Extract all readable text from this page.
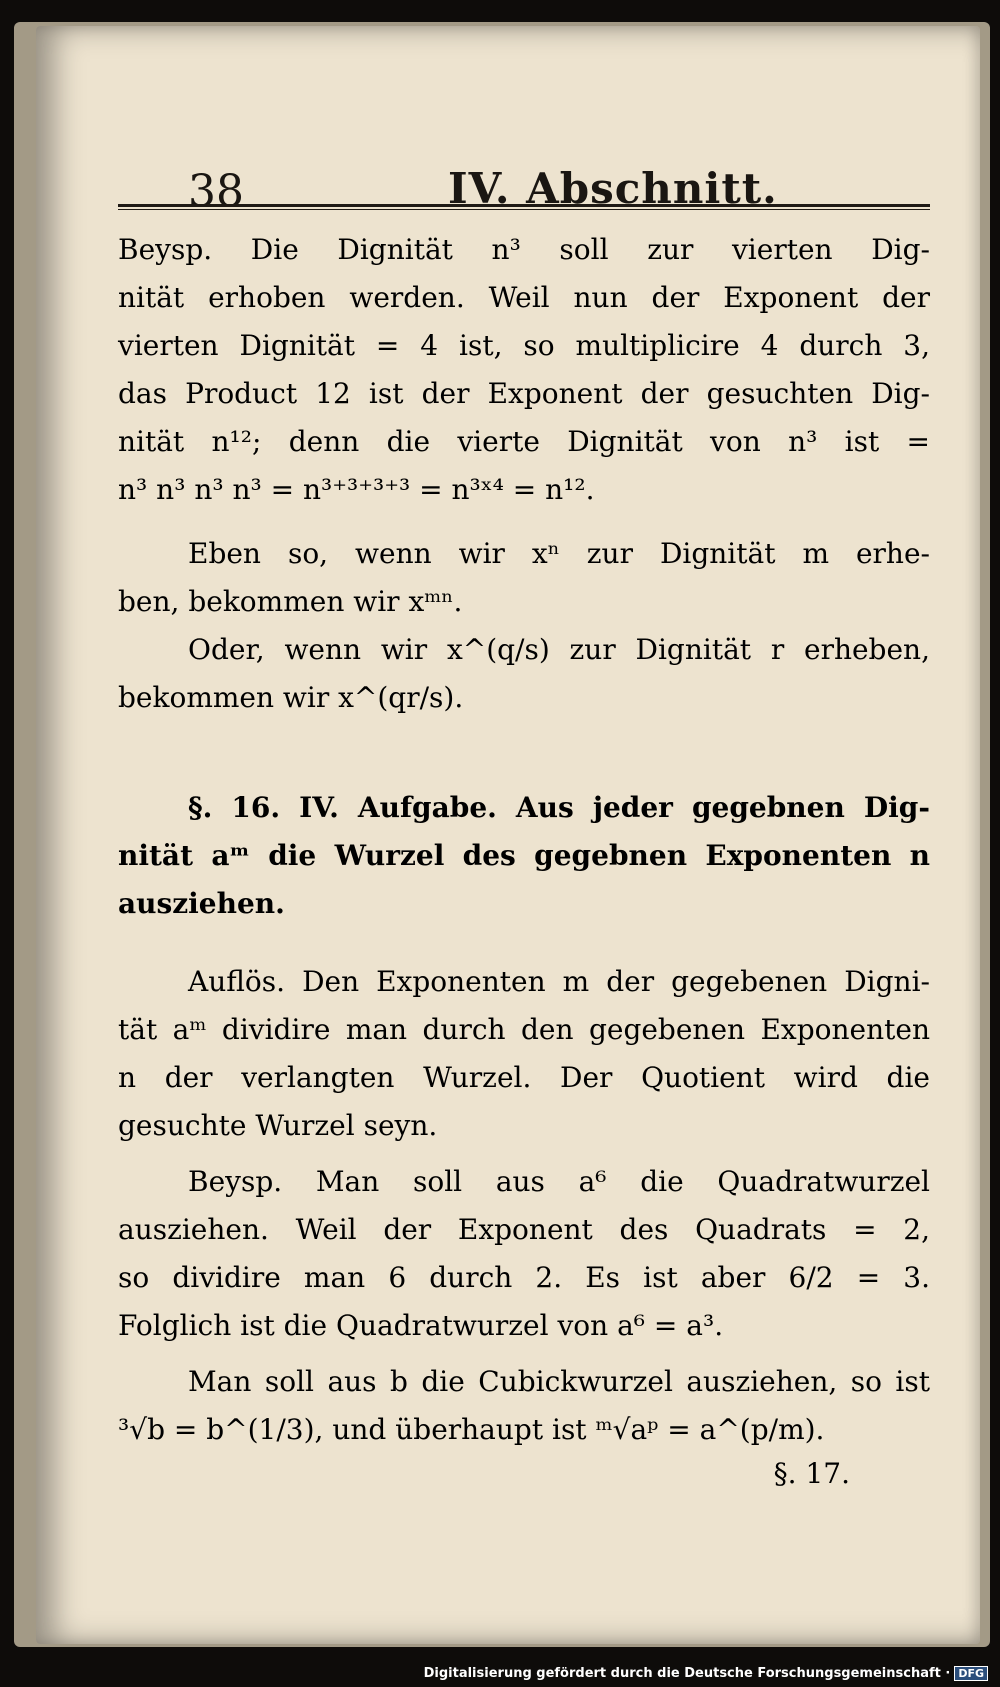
38	IV. Abschnitt.
Beysp. Die Dignität n³ soll zur vierten Dig-
nität erhoben werden. Weil nun der Exponent der
vierten Dignität = 4 ist, so multiplicire 4 durch 3,
das Product 12 ist der Exponent der gesuchten Dig-
nität n¹²; denn die vierte Dignität von n³ ist =
n³ n³ n³ n³ = n³⁺³⁺³⁺³ = n³ˣ⁴ = n¹².
Eben so, wenn wir xⁿ zur Dignität m erhe-
ben, bekommen wir xᵐⁿ.
Oder, wenn wir x^(q/s) zur Dignität r erheben,
bekommen wir x^(qr/s).
§. 16. IV. Aufgabe. Aus jeder gegebnen Dig-
nität aᵐ die Wurzel des gegebnen Exponenten n
ausziehen.
Auflös. Den Exponenten m der gegebenen Digni-
tät aᵐ dividire man durch den gegebenen Exponenten
n der verlangten Wurzel. Der Quotient wird die
gesuchte Wurzel seyn.
Beysp. Man soll aus a⁶ die Quadratwurzel
ausziehen. Weil der Exponent des Quadrats = 2,
so dividire man 6 durch 2. Es ist aber 6/2 = 3.
Folglich ist die Quadratwurzel von a⁶ = a³.
Man soll aus b die Cubickwurzel ausziehen, so ist
³√b = b^(1/3), und überhaupt ist ᵐ√aᵖ = a^(p/m).
§. 17.
Digitalisierung gefördert durch die Deutsche Forschungsgemeinschaft · DFG
